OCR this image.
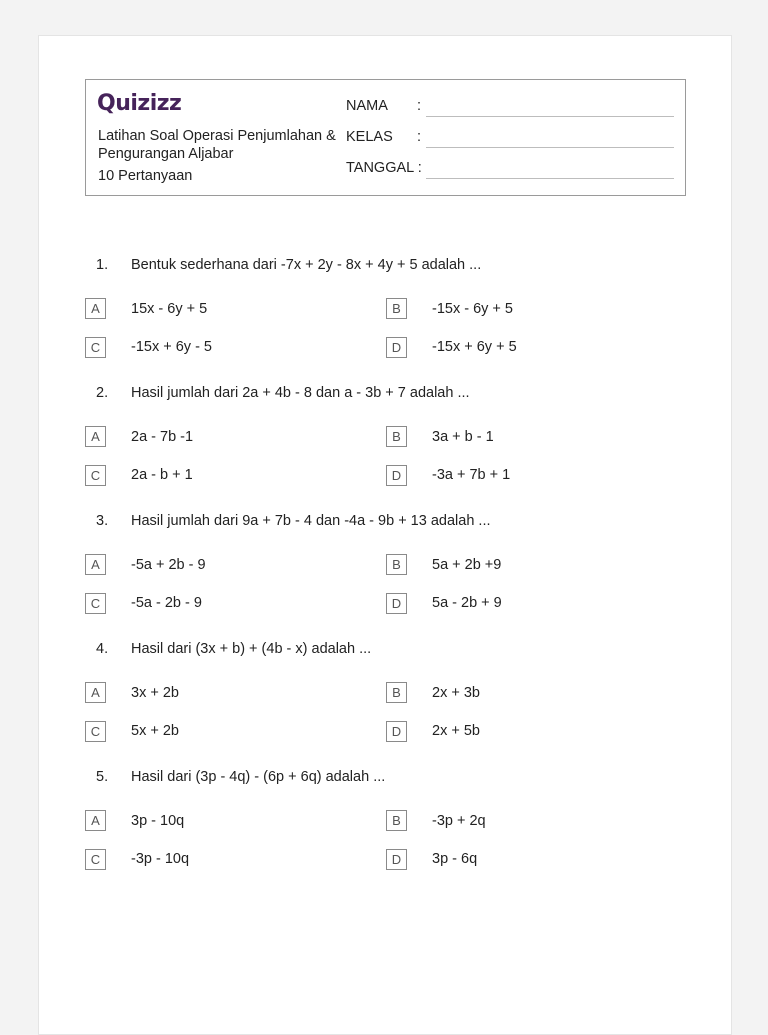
Quizizz
Latihan Soal Operasi Penjumlahan & Pengurangan Aljabar
10 Pertanyaan
NAMA :
KELAS :
TANGGAL :
1. Bentuk sederhana dari -7x + 2y - 8x + 4y + 5 adalah ...
A	15x - 6y + 5	B	-15x - 6y + 5
C	-15x + 6y - 5	D	-15x + 6y + 5
2. Hasil jumlah dari 2a + 4b - 8 dan a - 3b + 7 adalah ...
A	2a - 7b -1	B	3a + b - 1
C	2a - b + 1	D	-3a + 7b + 1
3. Hasil jumlah dari 9a + 7b - 4 dan -4a - 9b + 13 adalah ...
A	-5a + 2b - 9	B	5a + 2b +9
C	-5a - 2b - 9	D	5a - 2b + 9
4. Hasil dari (3x + b) + (4b - x) adalah ...
A	3x + 2b	B	2x + 3b
C	5x + 2b	D	2x + 5b
5. Hasil dari (3p - 4q) - (6p + 6q) adalah ...
A	3p - 10q	B	-3p + 2q
C	-3p - 10q	D	3p - 6q
